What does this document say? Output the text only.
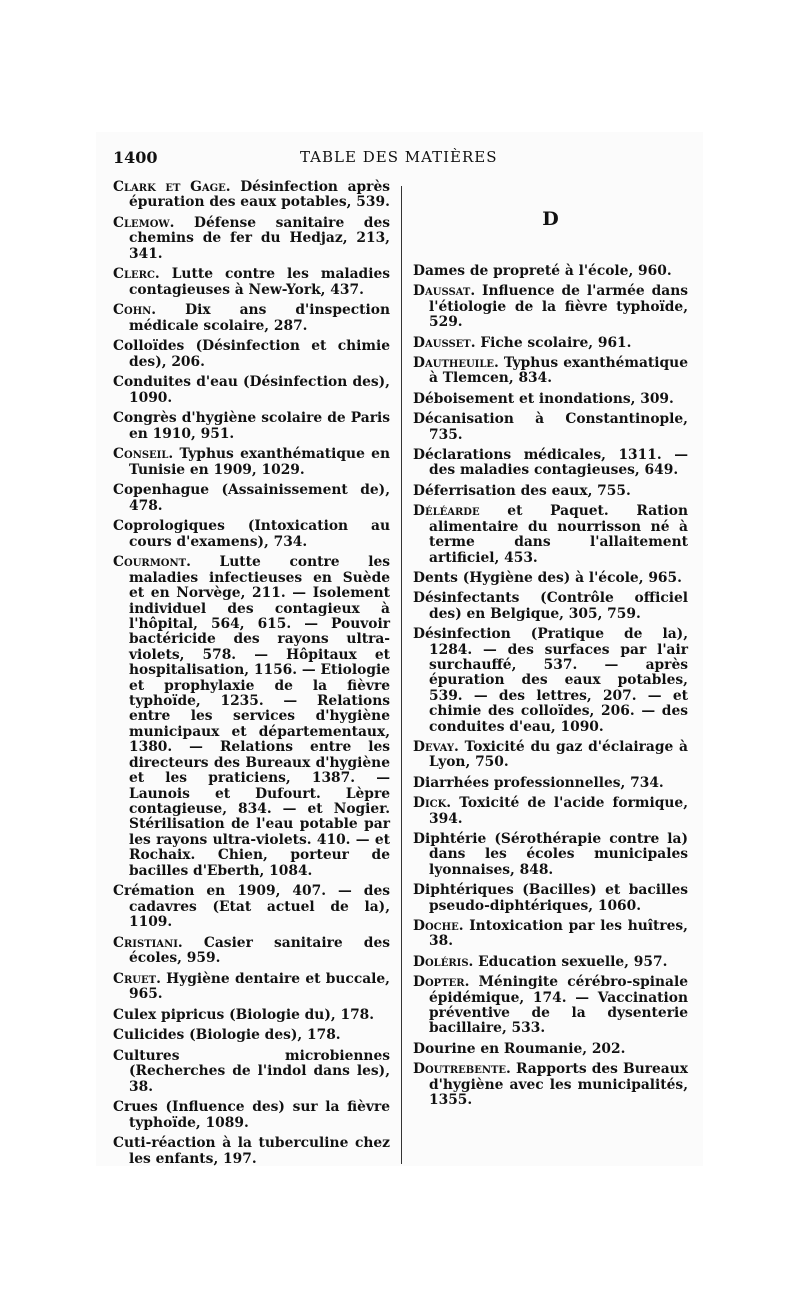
1400	TABLE DES MATIÈRES
Clark et Gage. Désinfection après épuration des eaux potables, 539.
Clemow. Défense sanitaire des chemins de fer du Hedjaz, 213, 341.
Clerc. Lutte contre les maladies contagieuses à New-York, 437.
Cohn. Dix ans d'inspection médicale scolaire, 287.
Colloïdes (Désinfection et chimie des), 206.
Conduites d'eau (Désinfection des), 1090.
Congrès d'hygiène scolaire de Paris en 1910, 951.
Conseil. Typhus exanthématique en Tunisie en 1909, 1029.
Copenhague (Assainissement de), 478.
Coprologiques (Intoxication au cours d'examens), 734.
Courmont. Lutte contre les maladies infectieuses en Suède et en Norvège, 211. — Isolement individuel des contagieux à l'hôpital, 564, 615. — Pouvoir bactéricide des rayons ultra-violets, 578. — Hôpitaux et hospitalisation, 1156. — Etiologie et prophylaxie de la fièvre typhoïde, 1235. — Relations entre les services d'hygiène municipaux et départementaux, 1380. — Relations entre les directeurs des Bureaux d'hygiène et les praticiens, 1387. — Launois et Dufourt. Lèpre contagieuse, 834. — et Nogier. Stérilisation de l'eau potable par les rayons ultra-violets. 410. — et Rochaix. Chien, porteur de bacilles d'Eberth, 1084.
Crémation en 1909, 407. — des cadavres (Etat actuel de la), 1109.
Cristiani. Casier sanitaire des écoles, 959.
Cruet. Hygiène dentaire et buccale, 965.
Culex pipricus (Biologie du), 178.
Culicides (Biologie des), 178.
Cultures microbiennes (Recherches de l'indol dans les), 38.
Crues (Influence des) sur la fièvre typhoïde, 1089.
Cuti-réaction à la tuberculine chez les enfants, 197.
D
Dames de propreté à l'école, 960.
Daussat. Influence de l'armée dans l'étiologie de la fièvre typhoïde, 529.
Dausset. Fiche scolaire, 961.
Dautheuile. Typhus exanthématique à Tlemcen, 834.
Déboisement et inondations, 309.
Décanisation à Constantinople, 735.
Déclarations médicales, 1311. — des maladies contagieuses, 649.
Déferrisation des eaux, 755.
Déléarde et Paquet. Ration alimentaire du nourrisson né à terme dans l'allaitement artificiel, 453.
Dents (Hygiène des) à l'école, 965.
Désinfectants (Contrôle officiel des) en Belgique, 305, 759.
Désinfection (Pratique de la), 1284. — des surfaces par l'air surchauffé, 537. — après épuration des eaux potables, 539. — des lettres, 207. — et chimie des colloïdes, 206. — des conduites d'eau, 1090.
Devay. Toxicité du gaz d'éclairage à Lyon, 750.
Diarrhées professionnelles, 734.
Dick. Toxicité de l'acide formique, 394.
Diphtérie (Sérothérapie contre la) dans les écoles municipales lyonnaises, 848.
Diphtériques (Bacilles) et bacilles pseudo-diphtériques, 1060.
Doche. Intoxication par les huîtres, 38.
Doléris. Education sexuelle, 957.
Dopter. Méningite cérébro-spinale épidémique, 174. — Vaccination préventive de la dysenterie bacillaire, 533.
Dourine en Roumanie, 202.
Doutrebente. Rapports des Bureaux d'hygiène avec les municipalités, 1355.
